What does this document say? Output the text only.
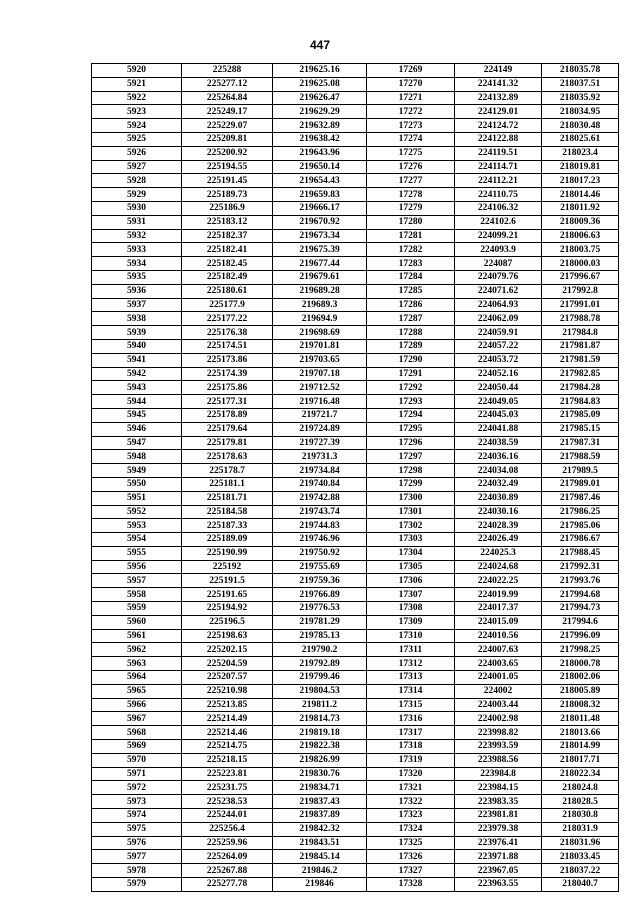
447
5920	225288	219625.16	17269	224149	218035.78
5921	225277.12	219625.08	17270	224141.32	218037.51
5922	225264.84	219626.47	17271	224132.89	218035.92
5923	225249.17	219629.29	17272	224129.01	218034.95
5924	225229.07	219632.89	17273	224124.72	218030.48
5925	225209.81	219638.42	17274	224122.88	218025.61
5926	225200.92	219643.96	17275	224119.51	218023.4
5927	225194.55	219650.14	17276	224114.71	218019.81
5928	225191.45	219654.43	17277	224112.21	218017.23
5929	225189.73	219659.83	17278	224110.75	218014.46
5930	225186.9	219666.17	17279	224106.32	218011.92
5931	225183.12	219670.92	17280	224102.6	218009.36
5932	225182.37	219673.34	17281	224099.21	218006.63
5933	225182.41	219675.39	17282	224093.9	218003.75
5934	225182.45	219677.44	17283	224087	218000.03
5935	225182.49	219679.61	17284	224079.76	217996.67
5936	225180.61	219689.28	17285	224071.62	217992.8
5937	225177.9	219689.3	17286	224064.93	217991.01
5938	225177.22	219694.9	17287	224062.09	217988.78
5939	225176.38	219698.69	17288	224059.91	217984.8
5940	225174.51	219701.81	17289	224057.22	217981.87
5941	225173.86	219703.65	17290	224053.72	217981.59
5942	225174.39	219707.18	17291	224052.16	217982.85
5943	225175.86	219712.52	17292	224050.44	217984.28
5944	225177.31	219716.48	17293	224049.05	217984.83
5945	225178.89	219721.7	17294	224045.03	217985.09
5946	225179.64	219724.89	17295	224041.88	217985.15
5947	225179.81	219727.39	17296	224038.59	217987.31
5948	225178.63	219731.3	17297	224036.16	217988.59
5949	225178.7	219734.84	17298	224034.08	217989.5
5950	225181.1	219740.84	17299	224032.49	217989.01
5951	225181.71	219742.88	17300	224030.89	217987.46
5952	225184.58	219743.74	17301	224030.16	217986.25
5953	225187.33	219744.83	17302	224028.39	217985.06
5954	225189.09	219746.96	17303	224026.49	217986.67
5955	225190.99	219750.92	17304	224025.3	217988.45
5956	225192	219755.69	17305	224024.68	217992.31
5957	225191.5	219759.36	17306	224022.25	217993.76
5958	225191.65	219766.89	17307	224019.99	217994.68
5959	225194.92	219776.53	17308	224017.37	217994.73
5960	225196.5	219781.29	17309	224015.09	217994.6
5961	225198.63	219785.13	17310	224010.56	217996.09
5962	225202.15	219790.2	17311	224007.63	217998.25
5963	225204.59	219792.89	17312	224003.65	218000.78
5964	225207.57	219799.46	17313	224001.05	218002.06
5965	225210.98	219804.53	17314	224002	218005.89
5966	225213.85	219811.2	17315	224003.44	218008.32
5967	225214.49	219814.73	17316	224002.98	218011.48
5968	225214.46	219819.18	17317	223998.82	218013.66
5969	225214.75	219822.38	17318	223993.59	218014.99
5970	225218.15	219826.99	17319	223988.56	218017.71
5971	225223.81	219830.76	17320	223984.8	218022.34
5972	225231.75	219834.71	17321	223984.15	218024.8
5973	225238.53	219837.43	17322	223983.35	218028.5
5974	225244.01	219837.89	17323	223981.81	218030.8
5975	225256.4	219842.32	17324	223979.38	218031.9
5976	225259.96	219843.51	17325	223976.41	218031.96
5977	225264.09	219845.14	17326	223971.88	218033.45
5978	225267.88	219846.2	17327	223967.05	218037.22
5979	225277.78	219846	17328	223963.55	218040.7
